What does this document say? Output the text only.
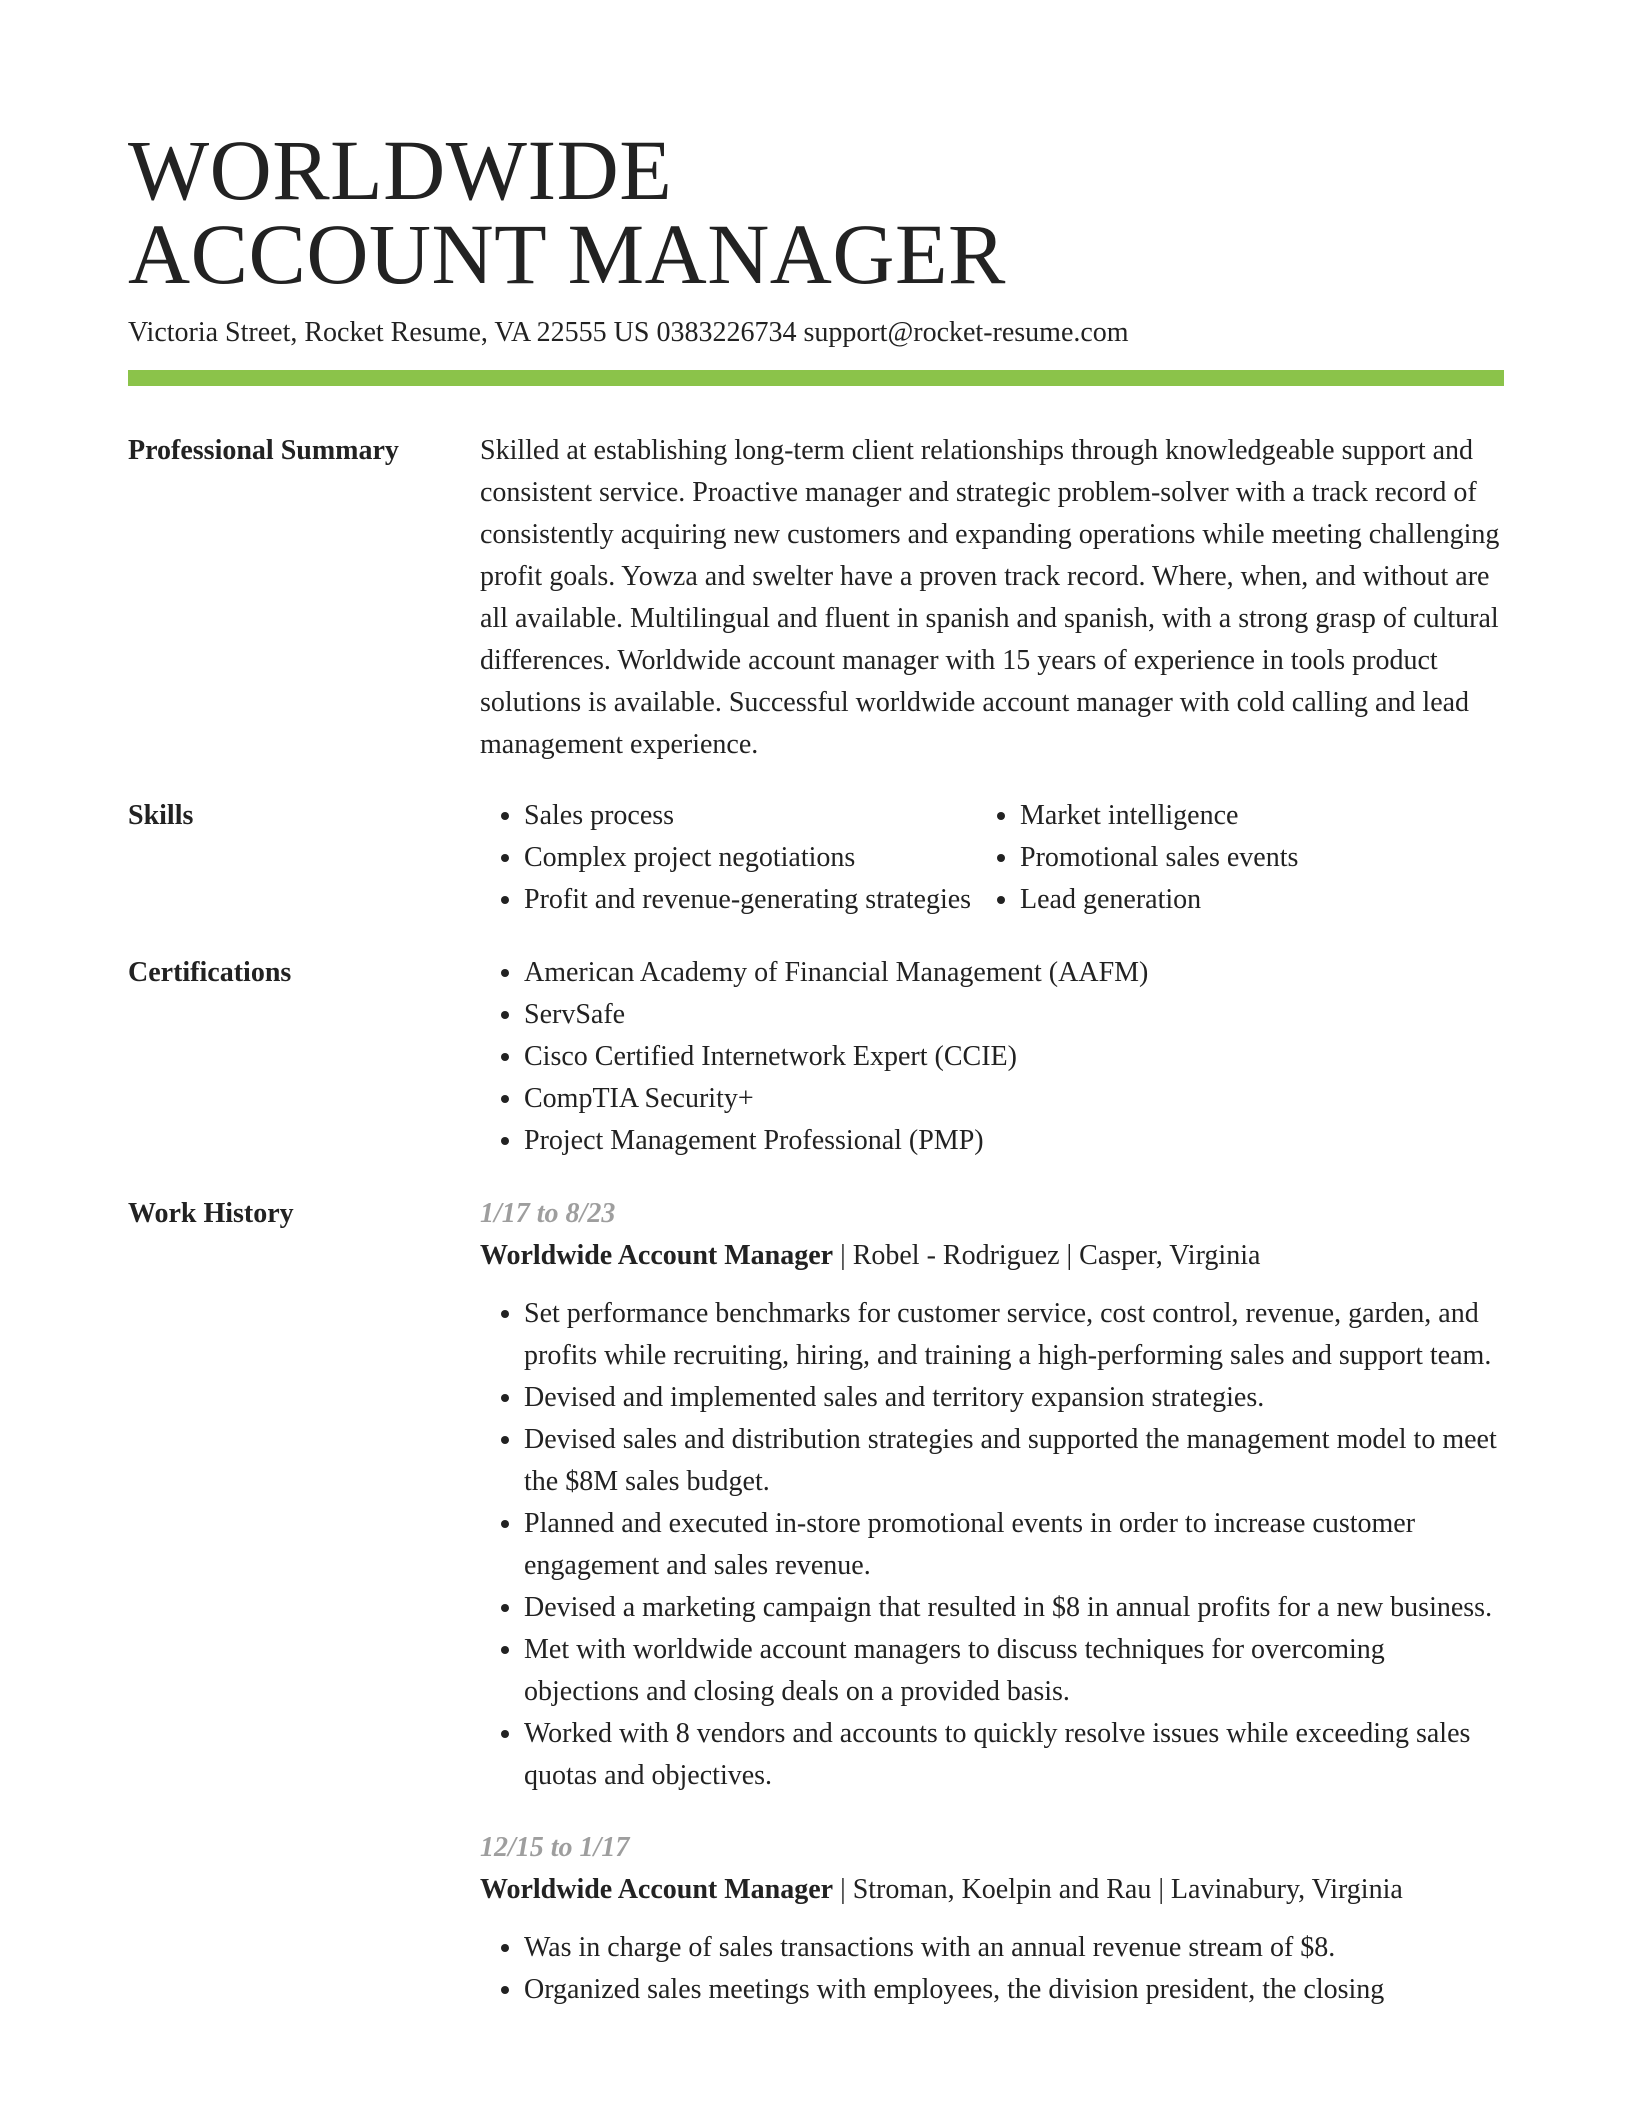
WORLDWIDE
ACCOUNT MANAGER
Victoria Street, Rocket Resume, VA 22555 US 0383226734 support@rocket-resume.com
Professional Summary	Skilled at establishing long-term client relationships through knowledgeable support and consistent service. Proactive manager and strategic problem-solver with a track record of consistently acquiring new customers and expanding operations while meeting challenging profit goals. Yowza and swelter have a proven track record. Where, when, and without are all available. Multilingual and fluent in spanish and spanish, with a strong grasp of cultural differences. Worldwide account manager with 15 years of experience in tools product solutions is available. Successful worldwide account manager with cold calling and lead management experience.

Skills	• Sales process
• Complex project negotiations
• Profit and revenue-generating strategies
• Market intelligence
• Promotional sales events
• Lead generation
Certifications	• American Academy of Financial Management (AAFM)
• ServSafe
• Cisco Certified Internetwork Expert (CCIE)
• CompTIA Security+
• Project Management Professional (PMP)
Work History	1/17 to 8/23
Worldwide Account Manager | Robel - Rodriguez | Casper, Virginia
• Set performance benchmarks for customer service, cost control, revenue, garden, and profits while recruiting, hiring, and training a high-performing sales and support team.
• Devised and implemented sales and territory expansion strategies.
• Devised sales and distribution strategies and supported the management model to meet the $8M sales budget.
• Planned and executed in-store promotional events in order to increase customer engagement and sales revenue.
• Devised a marketing campaign that resulted in $8 in annual profits for a new business.
• Met with worldwide account managers to discuss techniques for overcoming objections and closing deals on a provided basis.
• Worked with 8 vendors and accounts to quickly resolve issues while exceeding sales quotas and objectives.
12/15 to 1/17
Worldwide Account Manager | Stroman, Koelpin and Rau | Lavinabury, Virginia
• Was in charge of sales transactions with an annual revenue stream of $8.
• Organized sales meetings with employees, the division president, the closing
